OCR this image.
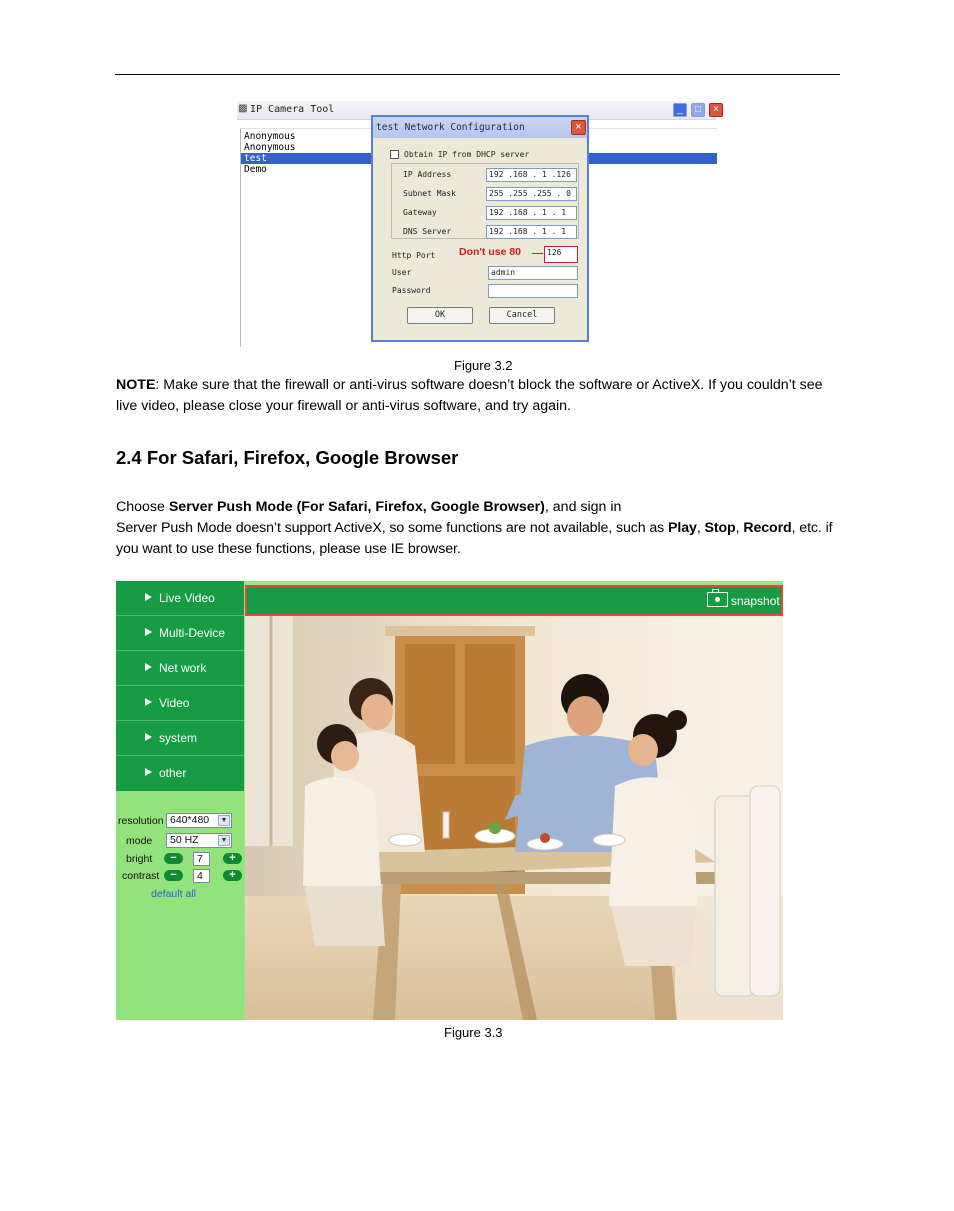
▩ IP Camera Tool	_	□	×
Anonymous
Anonymous
test
Demo
test Network Configuration	×
Obtain IP from DHCP server
IP Address	192 .168 . 1 .126
Subnet Mask	255 .255 .255 . 0
Gateway	192 .168 . 1 . 1
DNS Server	192 .168 . 1 . 1
Http Port Don't use 80	126
User	admin
Password
OK	Cancel
Figure 3.2
NOTE: Make sure that the firewall or anti-virus software doesn’t block the software or ActiveX. If you couldn’t see live video, please close your firewall or anti-virus software, and try again.
2.4 For Safari, Firefox, Google Browser
Choose Server Push Mode (For Safari, Firefox, Google Browser), and sign in
Server Push Mode doesn’t support ActiveX, so some functions are not available, such as Play, Stop, Record, etc. if you want to use these functions, please use IE browser.
Live Video
Multi-Device
Net work
Video
system
other
resolution 640*480	▼
mode	50 HZ	▼
bright	−	7	+
contrast −	4	+
default all
snapshot
Figure 3.3
